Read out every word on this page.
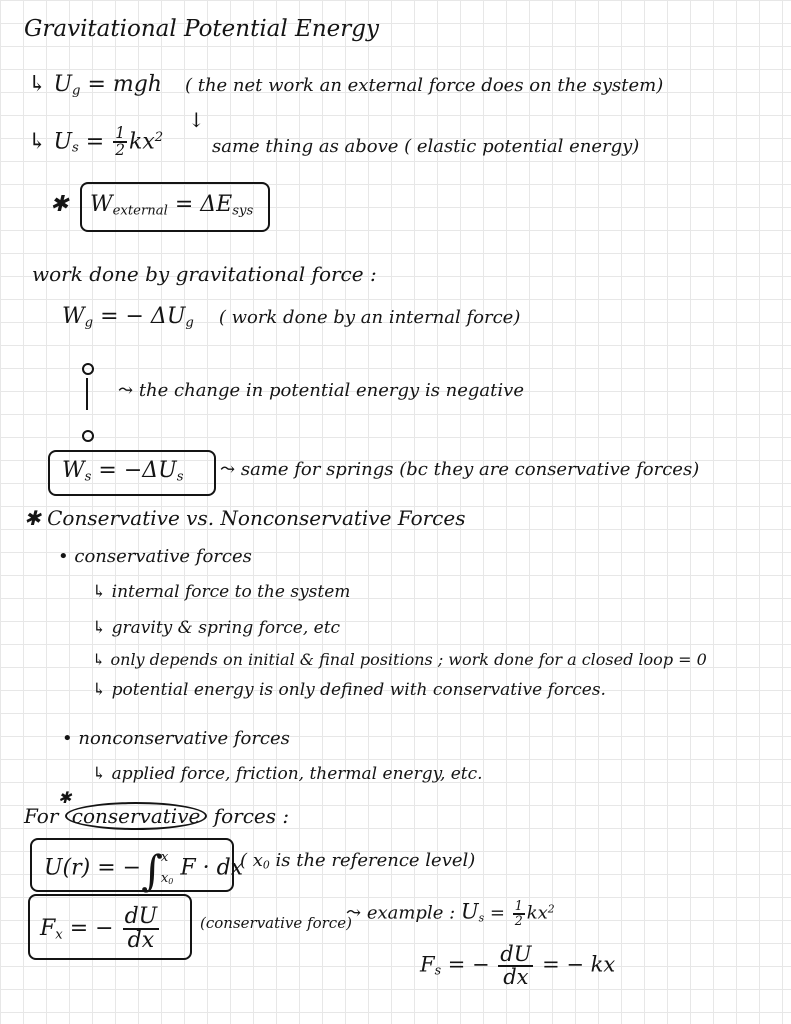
Gravitational Potential Energy
↳ $U_g$ = mgh ( the net work an external force does on the system)
↳ $U_s = \frac{1}{2} kx^2$
↓
same thing as above ( elastic potential energy)
✱ $W_{external} = \Delta E_{sys}$
work done by gravitational force :
$W_g$ = − $\Delta U_g$ ( work done by an internal force)
⤳ the change in potential energy is negative
$W_s = -\Delta U_s$ ⤳ same for springs (bc they are conservative forces)
✱ Conservative vs. Nonconservative Forces
• conservative forces
↳ internal force to the system
↳ gravity & spring force, etc
↳ only depends on initial & final positions ; work done for a closed loop = 0
↳ potential energy is only defined with conservative forces.
• nonconservative forces
↳ applied force, friction, thermal energy, etc.
✱
For conservative forces :
U(r) = −∫
x
$x_0$
F · dx
( $x_0$ is the reference level)
$F_x$ = − $\frac{dU}{dx}$	(conservative force)
⤳ example : $U_s = \frac{1}{2} kx^2$
$F_s$ = − $\frac{dU}{dx}$ = − kx
